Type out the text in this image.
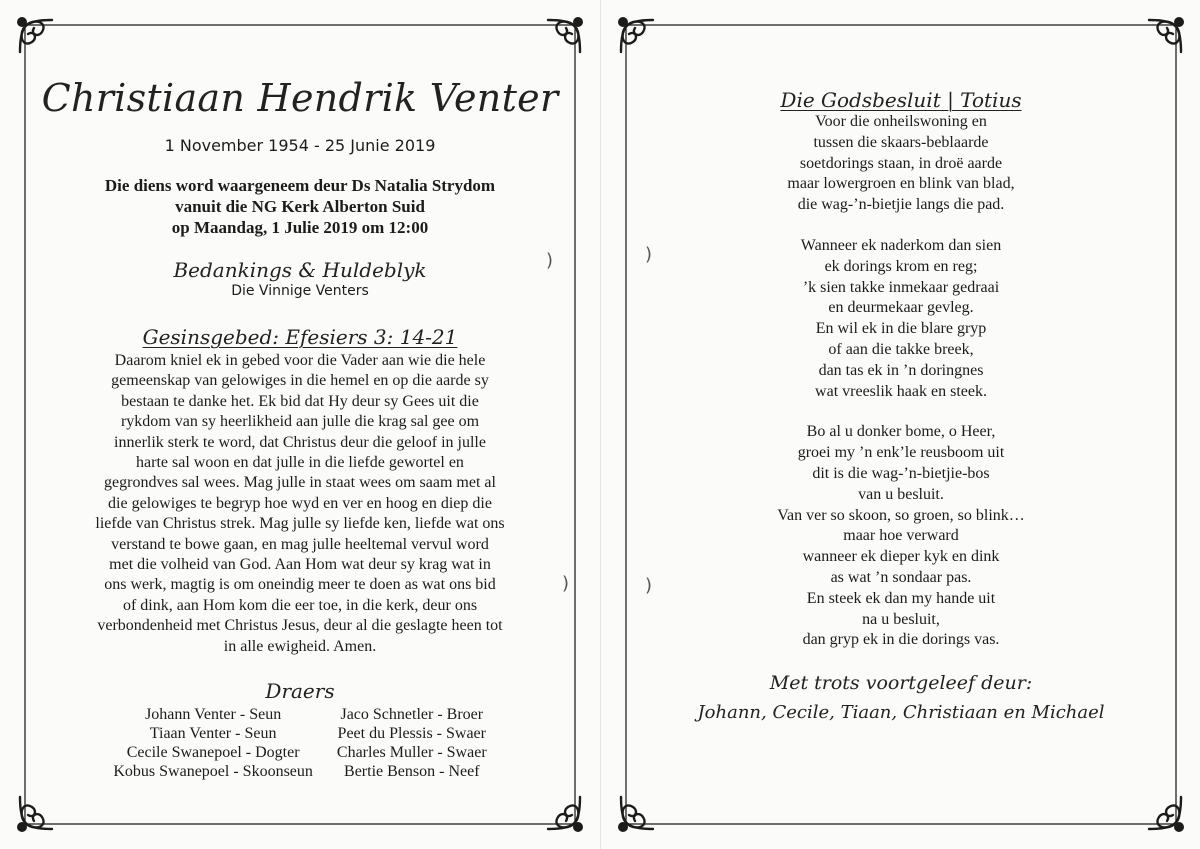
)
)
Christiaan Hendrik Venter
1 November 1954 - 25 Junie 2019
Die diens word waargeneem deur Ds Natalia Strydom
vanuit die NG Kerk Alberton Suid
op Maandag, 1 Julie 2019 om 12:00
Bedankings & Huldeblyk
Die Vinnige Venters
Gesinsgebed: Efesiers 3: 14-21
Daarom kniel ek in gebed voor die Vader aan wie die hele
gemeenskap van gelowiges in die hemel en op die aarde sy
bestaan te danke het. Ek bid dat Hy deur sy Gees uit die
rykdom van sy heerlikheid aan julle die krag sal gee om
innerlik sterk te word, dat Christus deur die geloof in julle
harte sal woon en dat julle in die liefde gewortel en
gegrondves sal wees. Mag julle in staat wees om saam met al
die gelowiges te begryp hoe wyd en ver en hoog en diep die
liefde van Christus strek. Mag julle sy liefde ken, liefde wat ons
verstand te bowe gaan, en mag julle heeltemal vervul word
met die volheid van God. Aan Hom wat deur sy krag wat in
ons werk, magtig is om oneindig meer te doen as wat ons bid
of dink, aan Hom kom die eer toe, in die kerk, deur ons
verbondenheid met Christus Jesus, deur al die geslagte heen tot
in alle ewigheid. Amen.
Draers
Johann Venter - Seun
Tiaan Venter - Seun
Cecile Swanepoel - Dogter
Kobus Swanepoel - Skoonseun
Jaco Schnetler - Broer
Peet du Plessis - Swaer
Charles Muller - Swaer
Bertie Benson - Neef
)
)
Die Godsbesluit | Totius
Voor die onheilswoning en
tussen die skaars-beblaarde
soetdorings staan, in droë aarde
maar lowergroen en blink van blad,
die wag-’n-bietjie langs die pad.
Wanneer ek naderkom dan sien
ek dorings krom en reg;
’k sien takke inmekaar gedraai
en deurmekaar gevleg.
En wil ek in die blare gryp
of aan die takke breek,
dan tas ek in ’n doringnes
wat vreeslik haak en steek.
Bo al u donker bome, o Heer,
groei my ’n enk’le reusboom uit
dit is die wag-’n-bietjie-bos
van u besluit.
Van ver so skoon, so groen, so blink…
maar hoe verward
wanneer ek dieper kyk en dink
as wat ’n sondaar pas.
En steek ek dan my hande uit
na u besluit,
dan gryp ek in die dorings vas.
Met trots voortgeleef deur:
Johann, Cecile, Tiaan, Christiaan en Michael
